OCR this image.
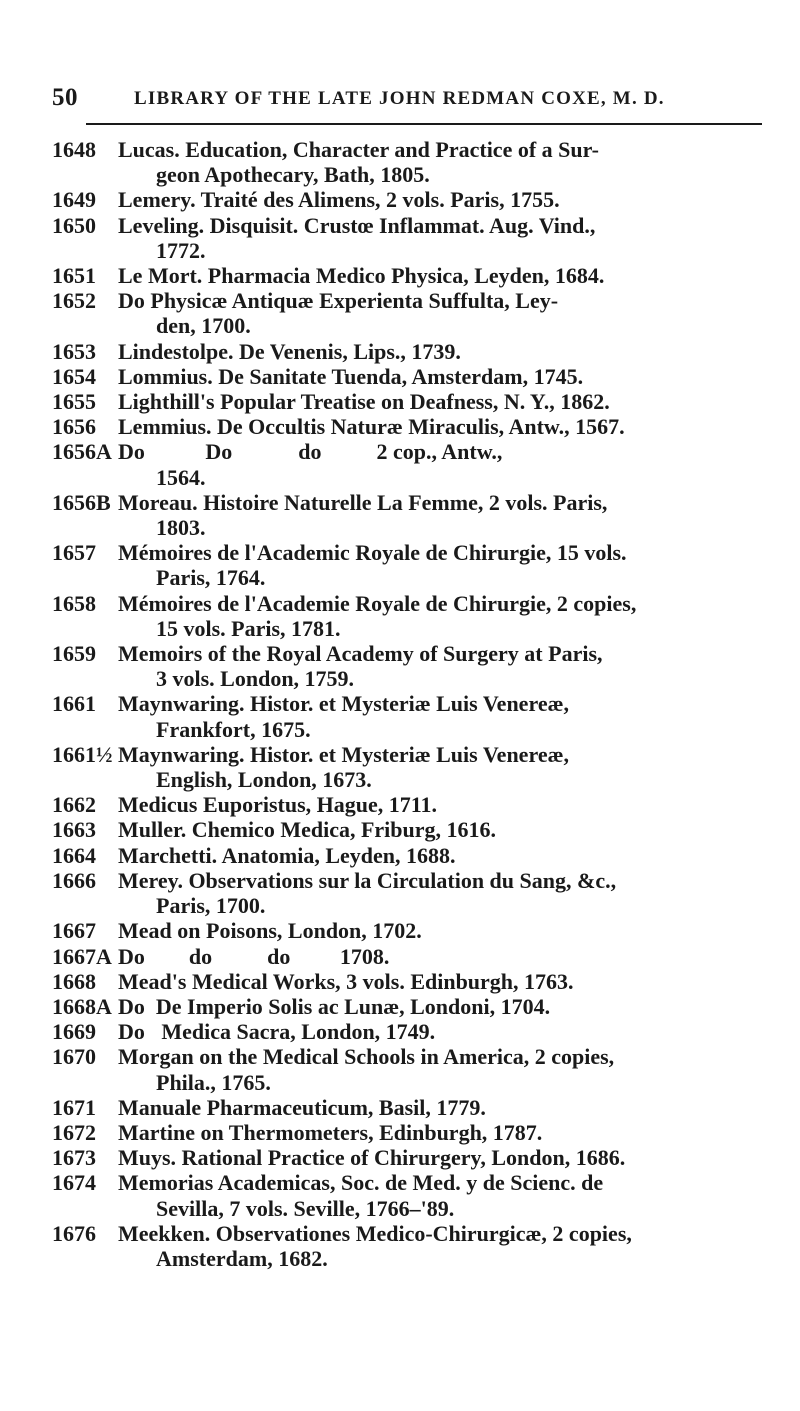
50	LIBRARY OF THE LATE JOHN REDMAN COXE, M. D.
1648	Lucas. Education, Character and Practice of a Sur-
geon Apothecary, Bath, 1805.
1649	Lemery. Traité des Alimens, 2 vols. Paris, 1755.
1650	Leveling. Disquisit. Crustœ Inflammat. Aug. Vind.,
1772.
1651	Le Mort. Pharmacia Medico Physica, Leyden, 1684.
1652	Do Physicæ Antiquæ Experienta Suffulta, Ley-
den, 1700.
1653	Lindestolpe. De Venenis, Lips., 1739.
1654	Lommius. De Sanitate Tuenda, Amsterdam, 1745.
1655	Lighthill's Popular Treatise on Deafness, N. Y., 1862.
1656	Lemmius. De Occultis Naturæ Miraculis, Antw., 1567.
1656A Do           Do            do          2 cop., Antw.,
1564.
1656B Moreau. Histoire Naturelle La Femme, 2 vols. Paris,
1803.
1657	Mémoires de l'Academic Royale de Chirurgie, 15 vols.
Paris, 1764.
1658	Mémoires de l'Academie Royale de Chirurgie, 2 copies,
15 vols. Paris, 1781.
1659	Memoirs of the Royal Academy of Surgery at Paris,
3 vols. London, 1759.
1661	Maynwaring. Histor. et Mysteriæ Luis Venereæ,
Frankfort, 1675.
1661½ Maynwaring. Histor. et Mysteriæ Luis Venereæ,
English, London, 1673.
1662	Medicus Euporistus, Hague, 1711.
1663	Muller. Chemico Medica, Friburg, 1616.
1664	Marchetti. Anatomia, Leyden, 1688.
1666	Merey. Observations sur la Circulation du Sang, &c.,
Paris, 1700.
1667	Mead on Poisons, London, 1702.
1667A Do        do          do         1708.
1668	Mead's Medical Works, 3 vols. Edinburgh, 1763.
1668A Do  De Imperio Solis ac Lunæ, Londoni, 1704.
1669	Do   Medica Sacra, London, 1749.
1670	Morgan on the Medical Schools in America, 2 copies,
Phila., 1765.
1671	Manuale Pharmaceuticum, Basil, 1779.
1672	Martine on Thermometers, Edinburgh, 1787.
1673	Muys. Rational Practice of Chirurgery, London, 1686.
1674	Memorias Academicas, Soc. de Med. y de Scienc. de
Sevilla, 7 vols. Seville, 1766–'89.
1676	Meekken. Observationes Medico-Chirurgicæ, 2 copies,
Amsterdam, 1682.
